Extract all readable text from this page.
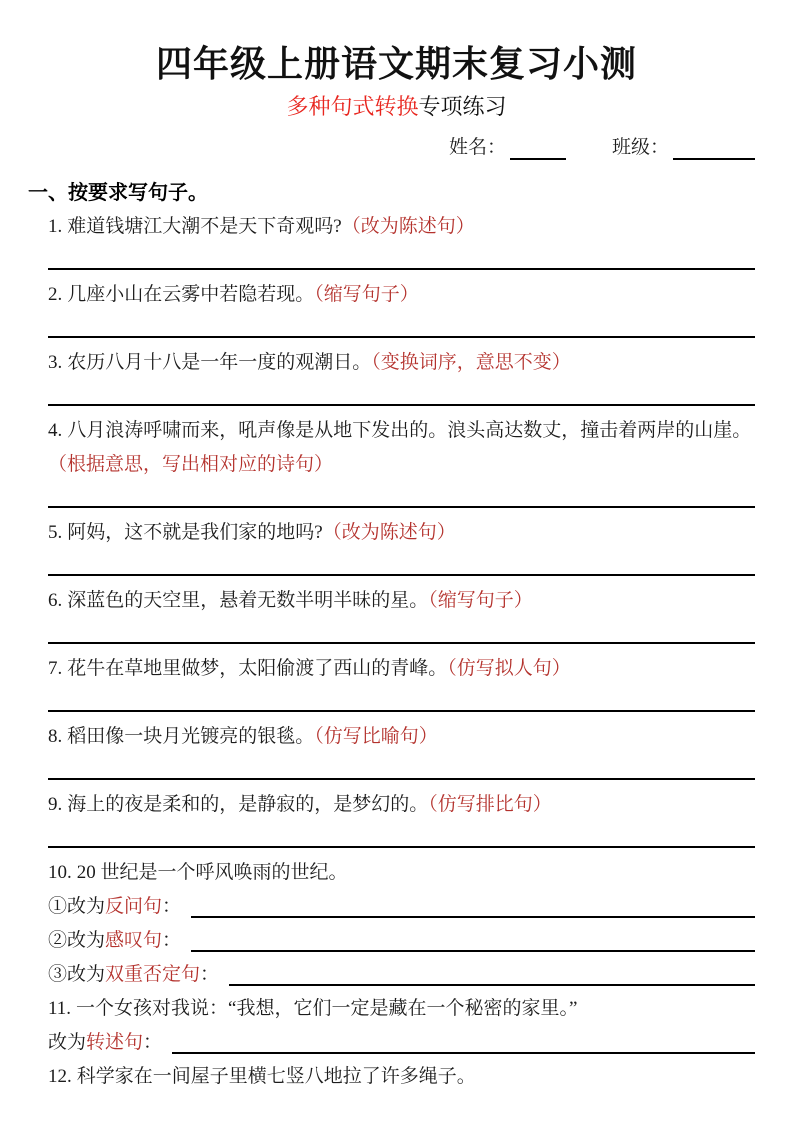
四年级上册语文期末复习小测
多种句式转换专项练习
姓名：	班级：
一、按要求写句子。
1. 难道钱塘江大潮不是天下奇观吗?（改为陈述句）
2. 几座小山在云雾中若隐若现。（缩写句子）
3. 农历八月十八是一年一度的观潮日。（变换词序，意思不变）
4. 八月浪涛呼啸而来，吼声像是从地下发出的。浪头高达数丈，撞击着两岸的山崖。（根据意思，写出相对应的诗句）
5. 阿妈，这不就是我们家的地吗?（改为陈述句）
6. 深蓝色的天空里，悬着无数半明半昧的星。（缩写句子）
7. 花牛在草地里做梦，太阳偷渡了西山的青峰。（仿写拟人句）
8. 稻田像一块月光镀亮的银毯。（仿写比喻句）
9. 海上的夜是柔和的，是静寂的，是梦幻的。（仿写排比句）
10. 20 世纪是一个呼风唤雨的世纪。
①改为 反问句 ：
②改为 感叹句 ：
③改为 双重否定句 ：
11. 一个女孩对我说：“我想，它们一定是藏在一个秘密的家里。”
改为 转述句 ：
12. 科学家在一间屋子里横七竖八地拉了许多绳子。
